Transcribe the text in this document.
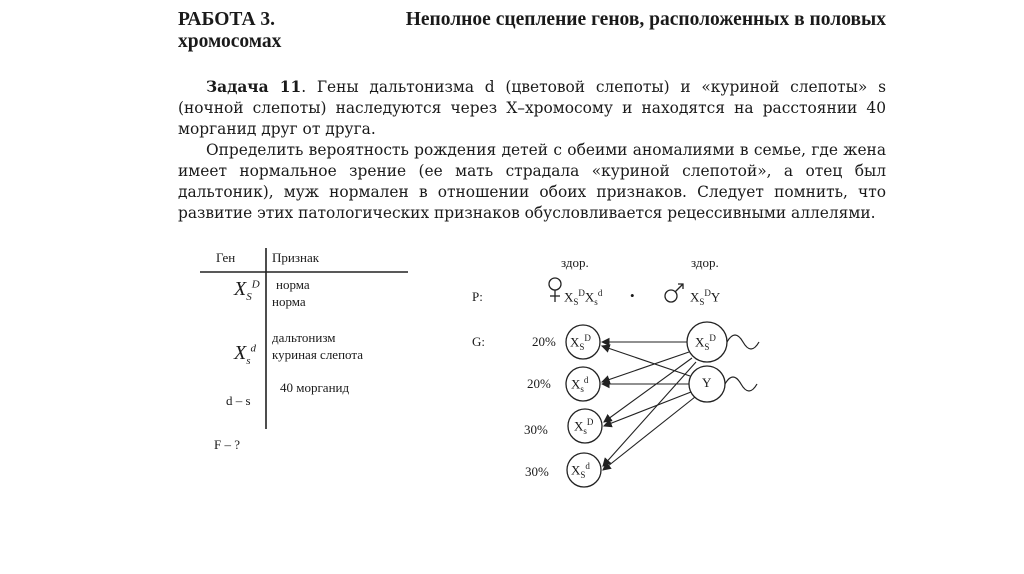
РАБОТА 3.	Неполное сцепление генов, расположенных в половых
хромосомах

Задача 11. Гены дальтонизма d (цветовой слепоты) и «куриной слепоты» s (ночной слепоты) наследуются через X–хромосому и находятся на расстоянии 40 морганид друг от друга.

Определить вероятность рождения детей с обеими аномалиями в семье, где жена имеет нормальное зрение (ее мать страдала «куриной слепотой», а отец был дальтоник), муж нормален в отношении обоих признаков. Следует помнить, что развитие этих патологических признаков обусловливается рецессивными аллелями.

Ген	Признак
$X_S^D$ норма
норма
$X_s^d$
дальтонизм
куриная слепота
40 морганид
d – s
F – ?
здор.	здор.
P:	$X_S^DX_s^d$ •	$X_S^DY$
G:	20%
20%
30%
30%
$X_S^D$
$X_s^d$
$X_s^D$
$X_S^d$
$X_S^D$
Y
